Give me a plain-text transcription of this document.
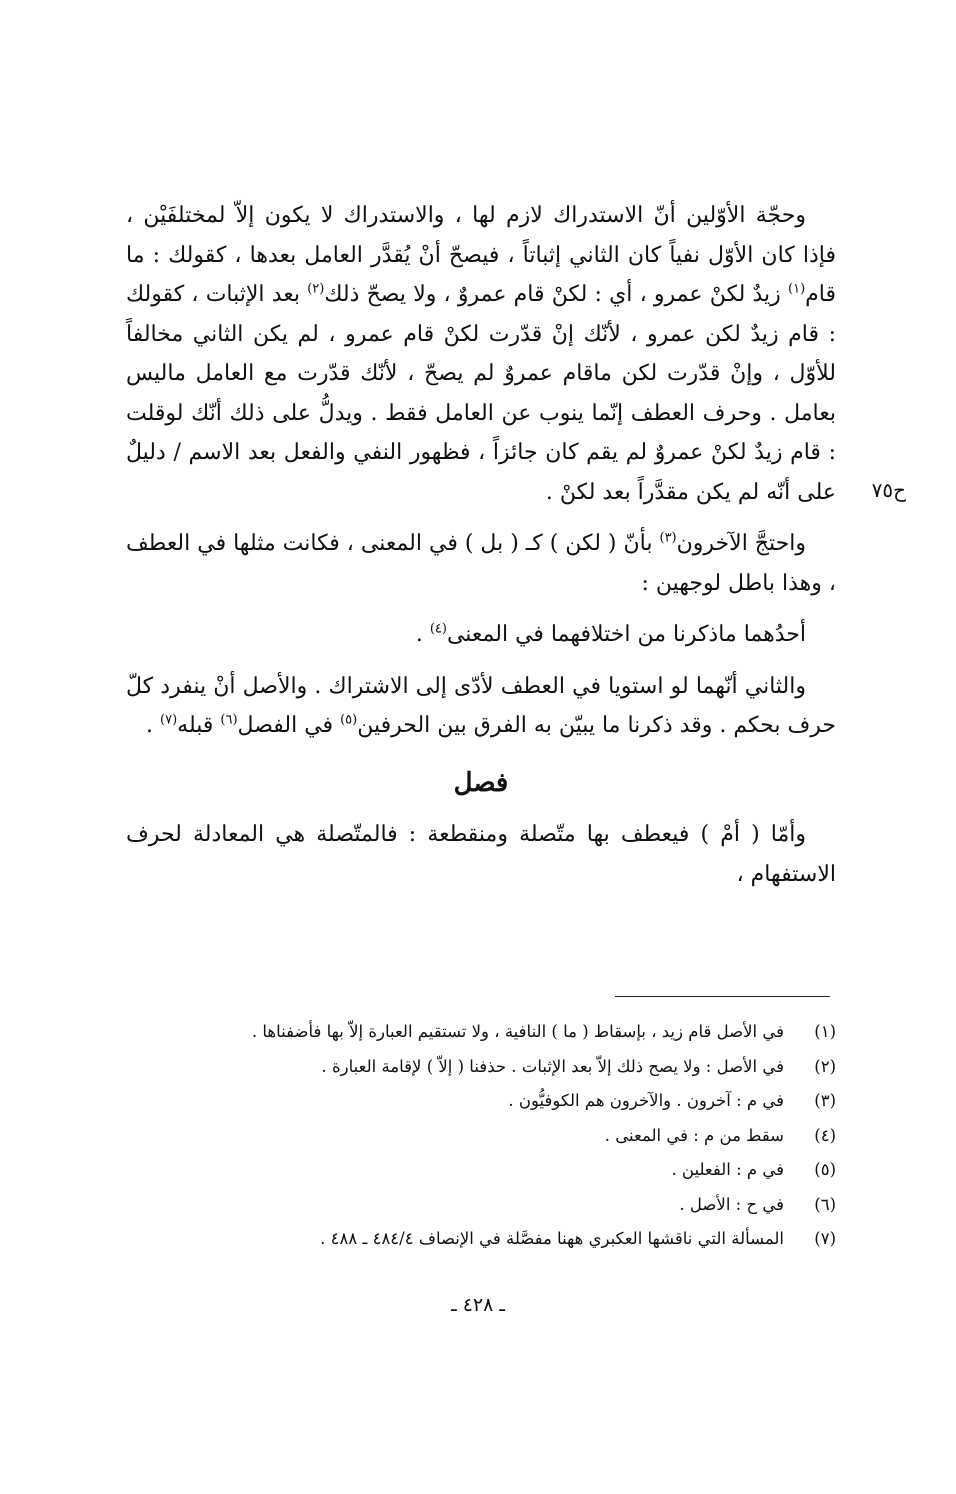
وحجّة الأوّلين أنّ الاستدراك لازم لها ، والاستدراك لا يكون إلاّ لمختلفَيْن ، فإذا كان الأوّل نفياً كان الثاني إثباتاً ، فيصحّ أنْ يُقدَّر العامل بعدها ، كقولك : ما قام$^{(١)}$ زيدٌ لكنْ عمرو ، أي : لكنْ قام عمروٌ ، ولا يصحّ ذلك$^{(٢)}$ بعد الإثبات ، كقولك : قام زيدٌ لكن عمرو ، لأنّك إنْ قدّرت لكنْ قام عمرو ، لم يكن الثاني مخالفاً للأوّل ، وإنْ قدّرت لكن ماقام عمروٌ لم يصحّ ، لأنّك قدّرت مع العامل ماليس بعامل . وحرف العطف إنّما ينوب عن العامل فقط . ويدلُّ على ذلك أنّك لوقلت : قام زيدٌ لكنْ عمروٌ لم يقم كان جائزاً ، فظهور النفي والفعل بعد الاسم / دليلٌ على أنّه لم يكن مقدَّراً بعد لكنْ .

واحتجَّ الآخرون$^{(٣)}$ بأنّ ( لكن ) كـ ( بل ) في المعنى ، فكانت مثلها في العطف ، وهذا باطل لوجهين :

أحدُهما ماذكرنا من اختلافهما في المعنى$^{(٤)}$ .

والثاني أنّهما لو استويا في العطف لأدّى إلى الاشتراك . والأصل أنْ ينفرد كلّ حرف بحكم . وقد ذكرنا ما يبيّن به الفرق بين الحرفين$^{(٥)}$ في الفصل$^{(٦)}$ قبله$^{(٧)}$ .

فصل

وأمّا ( أمْ ) فيعطف بها متّصلة ومنقطعة : فالمتّصلة هي المعادلة لحرف الاستفهام ،

ح٧٥
(١)
في الأصل قام زيد ، بإسقاط ( ما ) النافية ، ولا تستقيم العبارة إلاّ بها فأضفناها .
(٢)
في الأصل : ولا يصح ذلك إلاّ بعد الإثبات . حذفنا ( إلاّ ) لإقامة العبارة .
(٣)
في م : آخرون . والآخرون هم الكوفيُّون .
(٤)
سقط من م : في المعنى .
(٥)
في م : الفعلين .
(٦)
في ح : الأصل .
(٧)
المسألة التي ناقشها العكبري ههنا مفصَّلة في الإنصاف ٤٨٤/٤ ـ ٤٨٨ .
ـ ٤٢٨ ـ
